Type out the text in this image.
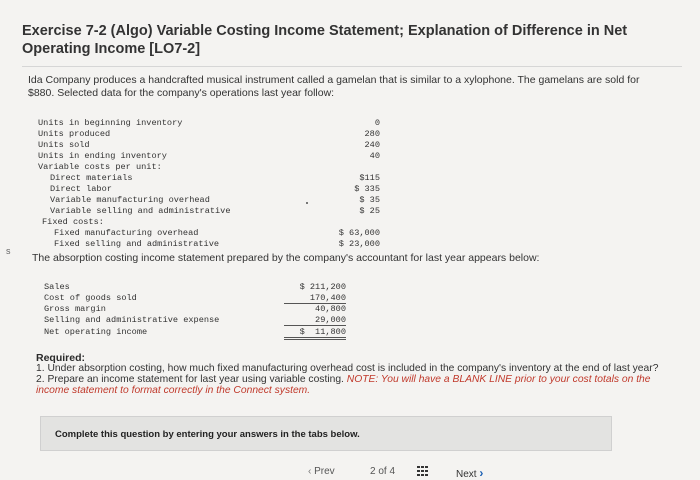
Exercise 7-2 (Algo) Variable Costing Income Statement; Explanation of Difference in Net Operating Income [LO7-2]
Ida Company produces a handcrafted musical instrument called a gamelan that is similar to a xylophone. The gamelans are sold for $880. Selected data for the company's operations last year follow:
Units in beginning inventory	0
Units produced	280
Units sold	240
Units in ending inventory	40
Variable costs per unit:
Direct materials	$115
Direct labor	$ 335
Variable manufacturing overhead	$ 35
Variable selling and administrative	$ 25
Fixed costs:
Fixed manufacturing overhead	$ 63,000
Fixed selling and administrative	$ 23,000
s
The absorption costing income statement prepared by the company's accountant for last year appears below:
Sales	$ 211,200
Cost of goods sold	170,400
Gross margin	40,800
Selling and administrative expense	29,000
Net operating income	$  11,800
Required:
1. Under absorption costing, how much fixed manufacturing overhead cost is included in the company's inventory at the end of last year?
2. Prepare an income statement for last year using variable costing. NOTE: You will have a BLANK LINE prior to your cost totals on the income statement to format correctly in the Connect system.
Complete this question by entering your answers in the tabs below.
‹ Prev	2 of 4	Next ›
